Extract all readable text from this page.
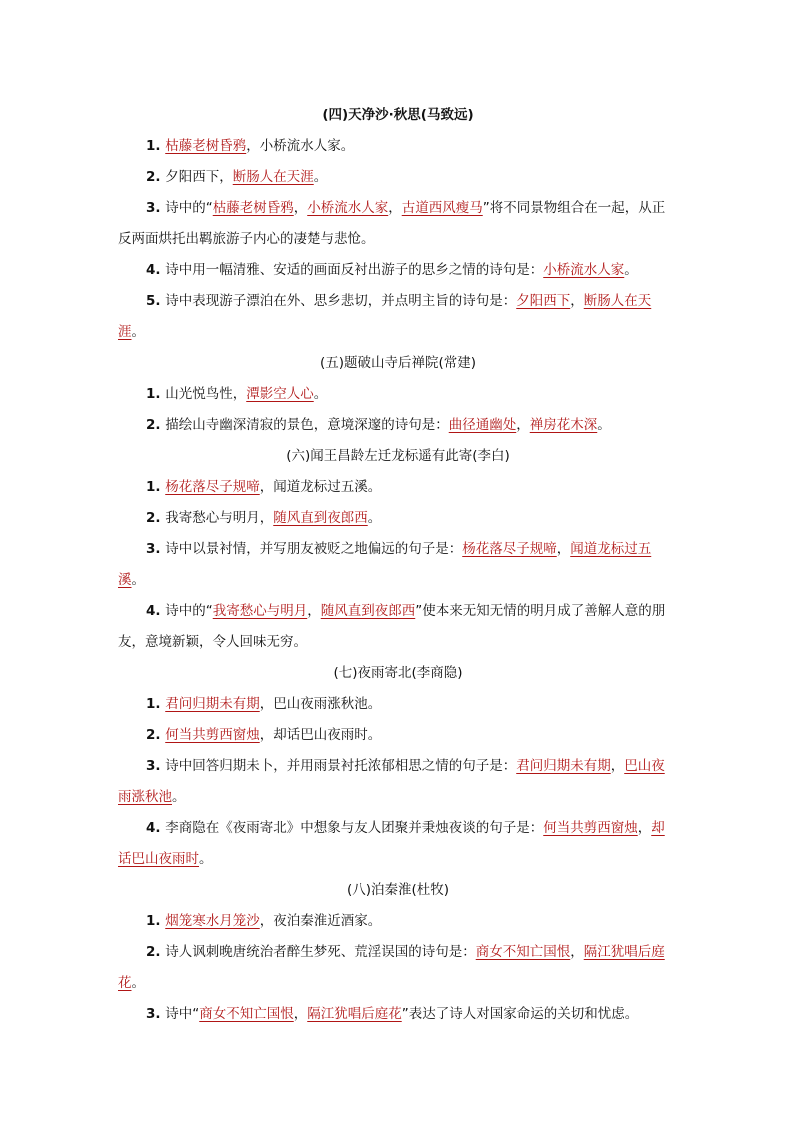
(四)天净沙·秋思(马致远)

1. 枯藤老树昏鸦，小桥流水人家。

2. 夕阳西下，断肠人在天涯。

3. 诗中的“枯藤老树昏鸦，小桥流水人家，古道西风瘦马”将不同景物组合在一起，从正反两面烘托出羁旅游子内心的凄楚与悲怆。

4. 诗中用一幅清雅、安适的画面反衬出游子的思乡之情的诗句是：小桥流水人家。

5. 诗中表现游子漂泊在外、思乡悲切，并点明主旨的诗句是：夕阳西下，断肠人在天涯。

(五)题破山寺后禅院(常建)

1. 山光悦鸟性，潭影空人心。

2. 描绘山寺幽深清寂的景色，意境深邃的诗句是：曲径通幽处，禅房花木深。

(六)闻王昌龄左迁龙标遥有此寄(李白)

1. 杨花落尽子规啼，闻道龙标过五溪。

2. 我寄愁心与明月，随风直到夜郎西。

3. 诗中以景衬情，并写朋友被贬之地偏远的句子是：杨花落尽子规啼，闻道龙标过五溪。

4. 诗中的“我寄愁心与明月，随风直到夜郎西”使本来无知无情的明月成了善解人意的朋友，意境新颖，令人回味无穷。

(七)夜雨寄北(李商隐)

1. 君问归期未有期，巴山夜雨涨秋池。

2. 何当共剪西窗烛，却话巴山夜雨时。

3. 诗中回答归期未卜，并用雨景衬托浓郁相思之情的句子是：君问归期未有期，巴山夜雨涨秋池。

4. 李商隐在《夜雨寄北》中想象与友人团聚并秉烛夜谈的句子是：何当共剪西窗烛，却话巴山夜雨时。

(八)泊秦淮(杜牧)

1. 烟笼寒水月笼沙，夜泊秦淮近酒家。

2. 诗人讽刺晚唐统治者醉生梦死、荒淫误国的诗句是：商女不知亡国恨，隔江犹唱后庭花。

3. 诗中“商女不知亡国恨，隔江犹唱后庭花”表达了诗人对国家命运的关切和忧虑。
